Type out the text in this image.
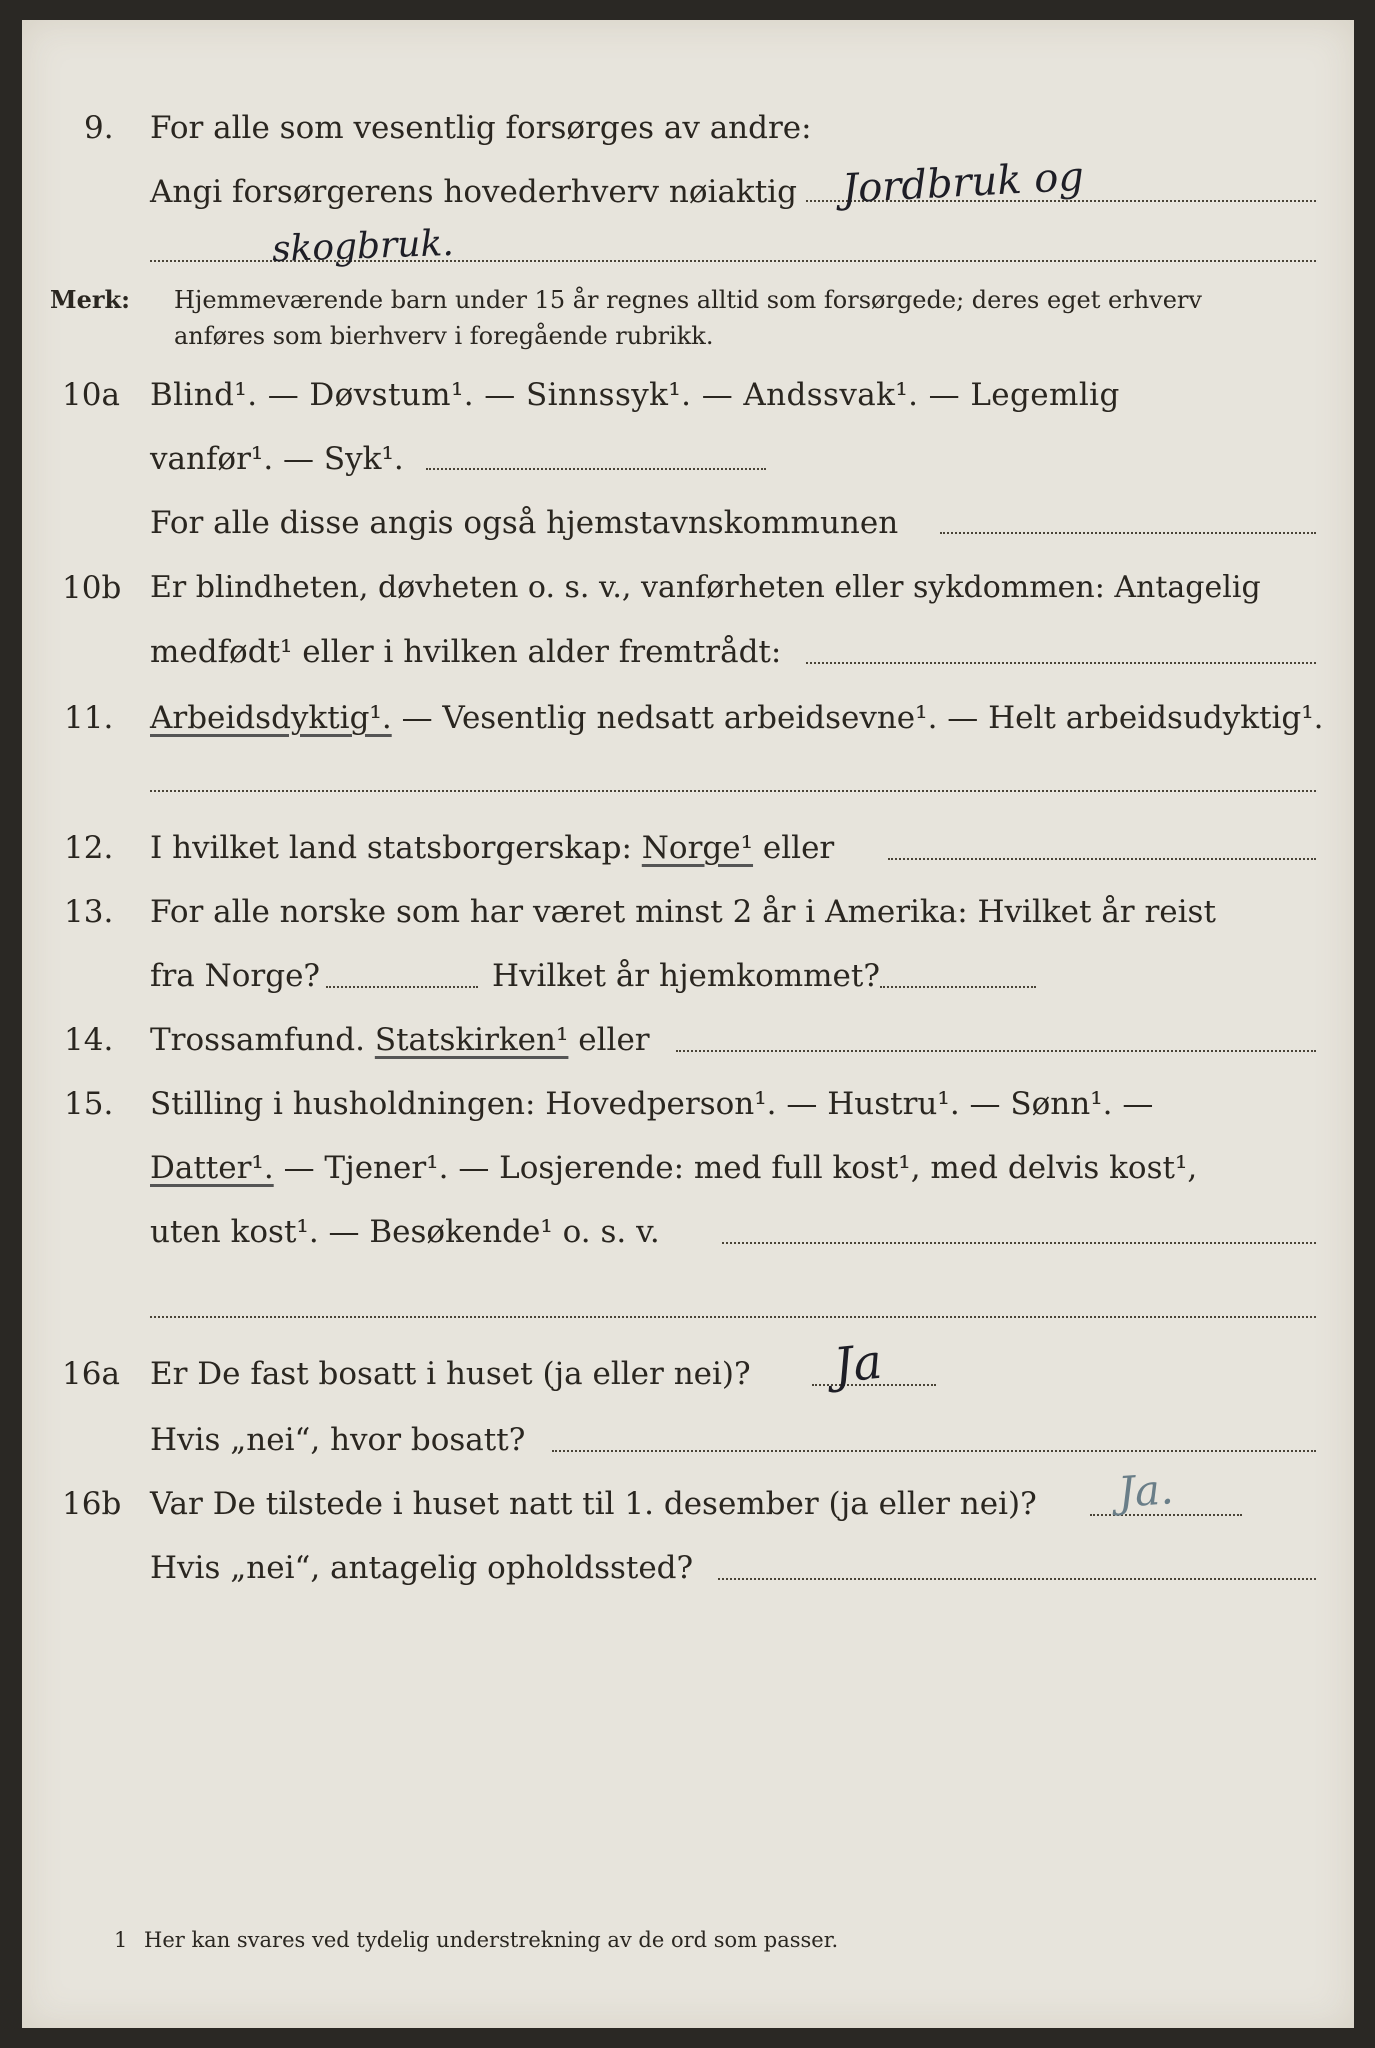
9. For alle som vesentlig forsørges av andre:
Angi forsørgerens hovederhverv nøiaktig Jordbruk og
skogbruk.
Merk: Hjemmeværende barn under 15 år regnes alltid som forsørgede; deres eget erhverv
anføres som bierhverv i foregående rubrikk.
10a Blind¹. — Døvstum¹. — Sinnssyk¹. — Andssvak¹. — Legemlig
vanfør¹. — Syk¹.
For alle disse angis også hjemstavnskommunen
10b Er blindheten, døvheten o. s. v., vanførheten eller sykdommen: Antagelig
medfødt¹ eller i hvilken alder fremtrådt:
11. Arbeidsdyktig¹. — Vesentlig nedsatt arbeidsevne¹. — Helt arbeidsudyktig¹.
12. I hvilket land statsborgerskap: Norge¹ eller
13. For alle norske som har været minst 2 år i Amerika: Hvilket år reist
fra Norge?	Hvilket år hjemkommet?
14. Trossamfund. Statskirken¹ eller
15. Stilling i husholdningen: Hovedperson¹. — Hustru¹. — Sønn¹. —
Datter¹. — Tjener¹. — Losjerende: med full kost¹, med delvis kost¹,
uten kost¹. — Besøkende¹ o. s. v.
16a Er De fast bosatt i huset (ja eller nei)? Ja
Hvis „nei“, hvor bosatt?
16b Var De tilstede i huset natt til 1. desember (ja eller nei)? Ja.
Hvis „nei“, antagelig opholdssted?
1 Her kan svares ved tydelig understrekning av de ord som passer.
